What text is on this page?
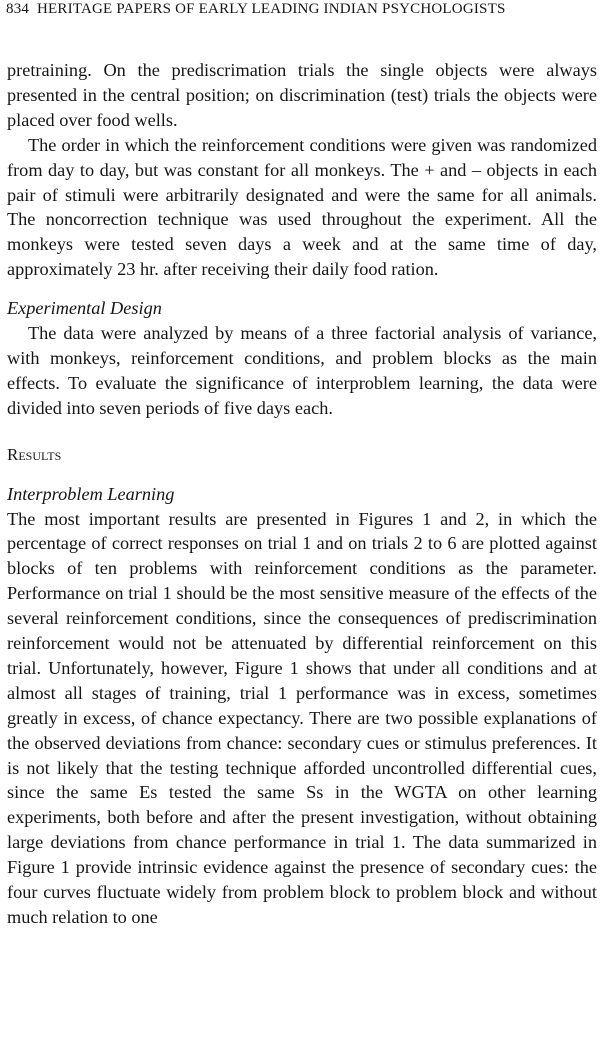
834 HERITAGE PAPERS OF EARLY LEADING INDIAN PSYCHOLOGISTS

pretraining. On the prediscrimation trials the single objects were always presented in the central position; on discrimination (test) trials the objects were placed over food wells.

The order in which the reinforcement conditions were given was randomized from day to day, but was constant for all monkeys. The + and – objects in each pair of stimuli were arbitrarily designated and were the same for all animals. The noncorrection technique was used throughout the experiment. All the monkeys were tested seven days a week and at the same time of day, approximately 23 hr. after receiving their daily food ration.

Experimental Design

The data were analyzed by means of a three factorial analysis of variance, with monkeys, reinforcement conditions, and problem blocks as the main effects. To evaluate the significance of interproblem learning, the data were divided into seven periods of five days each.

Results

Interproblem Learning

The most important results are presented in Figures 1 and 2, in which the percentage of correct responses on trial 1 and on trials 2 to 6 are plotted against blocks of ten problems with reinforcement conditions as the parameter. Performance on trial 1 should be the most sensitive measure of the effects of the several reinforcement conditions, since the consequences of prediscrimination reinforcement would not be attenuated by differential reinforcement on this trial. Unfortunately, however, Figure 1 shows that under all conditions and at almost all stages of training, trial 1 performance was in excess, sometimes greatly in excess, of chance expectancy. There are two possible explanations of the observed deviations from chance: secondary cues or stimulus preferences. It is not likely that the testing technique afforded uncontrolled differential cues, since the same Es tested the same Ss in the WGTA on other learning experiments, both before and after the present investigation, without obtaining large deviations from chance performance in trial 1. The data summarized in Figure 1 provide intrinsic evidence against the presence of secondary cues: the four curves fluctuate widely from problem block to problem block and without much relation to one
